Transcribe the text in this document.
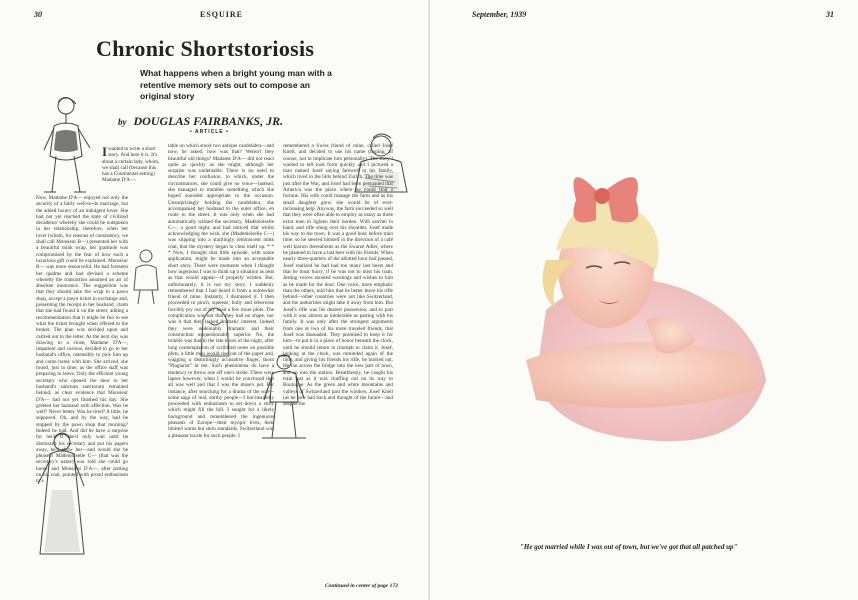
30	ESQUIRE	September, 1939	31
Chronic Shortstoriosis
What happens when a bright young man with a retentive memory sets out to compose an original story
by DOUGLAS FAIRBANKS, JR.
• ARTICLE •
Iwanted to write a short story. And here it is. It's about a certain lady, whom, we shall call (because this has a Continental setting) Madame D'A—.
Now, Madame D'A— enjoyed not only the security of a fairly well-to-do marriage, but the added luxury of an indulgent lover. She had not yet reached the state of civilized decadence whereby she could be outspoken in her relationship, therefore, when her lover (whom, for reasons of consistency, we shall call Monsieur B—) presented her with a beautiful mink wrap, her gratitude was compromised by the fear of how such a luxurious gift could be explained. Monsieur B— was more resourceful. He had foreseen her qualms and had devised a scheme whereby the transaction assumed an air of absolute innocence. The suggestion was that they should take the wrap to a pawn shop, accept a pawn ticket in exchange and, presenting the receipt to her husband, claim that she had found it on the street; adding a recommendation that it might be fun to see what the ticket brought when offered to the broker. The plan was decided upon and carried out to the letter. As the next day was drawing to a close, Madame D'A—, impatient and curious, decided to go to her husband's office, ostensibly to pick him up and come home with him. She arrived, she found, just in time, as the office staff was preparing to leave. Only the efficient young secretary who opened the door to her husband's sanctum sanctorum remained behind, as clear evidence that Monsieur D'A— had not yet finished his day. She greeted her husband with affection. Was he well? Never better. Was he tired? A little, he supposed. Oh, and by the way, had he stopped by the pawn shop that morning? Indeed he had. And did he have a surprise for her? If she'd only wait until he dismissed his secretary and put his papers away, he'd show her—and would she be pleased! Mademoiselle C— (that was the secretary's name) was told she could go home, and Monsieur D'A—, after putting on his coat, pointed with proud enthusiasm to a
table on which stood two antique candelabra—and now, he asked, how was that? Weren't they beautiful old things? Madame D'A— did not react quite as quickly as she might, although her surprise was undeniable. There is no need to describe her confusion, to which, under the circumstances, she could give no voice—instead, she managed to mumble something which she hoped sounded appropriate to the occasion. Unsurprisingly holding the candelabra, she accompanied her husband to the outer office, en route to the street. It was only when she had automatically wished the secretary, Mademoiselle C—, a good night, and had noticed that whilst acknowledging the wish, she (Mademoiselle C—) was slipping into a startlingly reminiscent mink coat, that the mystery began to clear itself up. * * * Now, I thought that little episode, with some application, might be made into an acceptable short story. There were moments when I thought how ingenious I was to think up a situation as neat as that would appear—if properly written. But, unfortunately, it is not my story. I suddenly remembered that I had heard it from a somewhat friend of mine. Instantly, I dismissed it. I then proceeded to pinch, squeeze, bully and otherwise forcibly pry out of my head a few more plots. The complication was not that they had no shape, nor was it that they lacked dramatic interest. Indeed they were undeniably dramatic and their construction unquestionably superior. No, the trouble was that in the late hours of the night, after long contemplation of scribbled notes on possible plots, a little man would rise out of the paper and, wagging a disturbingly accusative finger, shout "Plagiarist" at me. Such phenomena do have a tendency to throw one off one's stride. There were lapses however, when I would be convinced that all was well and that I was the muse's pet. For instance, after searching for a drama of the soil—some saga of real, earthy people—I hot-headedly proceeded with enthusiasm to set down a story which might fill the bill. I sought for a likely background and remembered the ingenuous peasants of Europe—their myopic lives, their limited wants but stern standards. Switzerland was a pleasant locale for such people. I
remembered a Swiss friend of mine, called Josef Knell, and decided to use his name (hoping, of course, not to implicate him personally). The story I wanted to tell took form quickly and I pictured a man named Josef saying farewell to his family, which lived in the hills behind Zurich. The time was just after the War, and Josef had been persuaded that America was the place where he could find a fortune. His wife could manage the farm and as his small daughter grew, she would be of ever-increasing help. Anyway, the farm succeeded so well that they were often able to employ as many as three extra men to lighten their burden. With satchel in hand, and rifle slung over his shoulder, Josef made his way to the town. It was a good hour before train time, so he steered himself in the direction of a café well known thereabouts as the Swarze Adler, where he planned to have a last beer with his friends. When nearly three-quarters of the allotted hour had passed, Josef realized he had had too many last beers and that he must hurry, if he was not to miss his train. Jesting voices shouted warnings and wishes to him as he made for the door. One voice, more emphatic than the others, told him that he better leave his rifle behind—other countries were not like Switzerland, and the authorities might take it away from him. But Josef's rifle was his dearest possession, and to part with it was almost as intolerable as parting with his family. It was only after the strongest arguments from one or two of his more traveled friends, that Josef was dissuaded. They promised to keep it for him—to put it in a place of honor beneath the clock, until he should return in triumph to claim it. Josef, looking at the clock, was reminded again of the time, and giving his friends his rifle, he hurried out. He ran across the bridge into the new part of town, and on into the station. Breathlessly, he caught his train just as it was chuffing out on its way to Boulogne. As the green and white mountains and valleys of Switzerland past the window, Josef Knell (as he now had back and thought of the future—and despite the
Continued in center of page 173
"He got married while I was out of town, but we've got that all patched up"
